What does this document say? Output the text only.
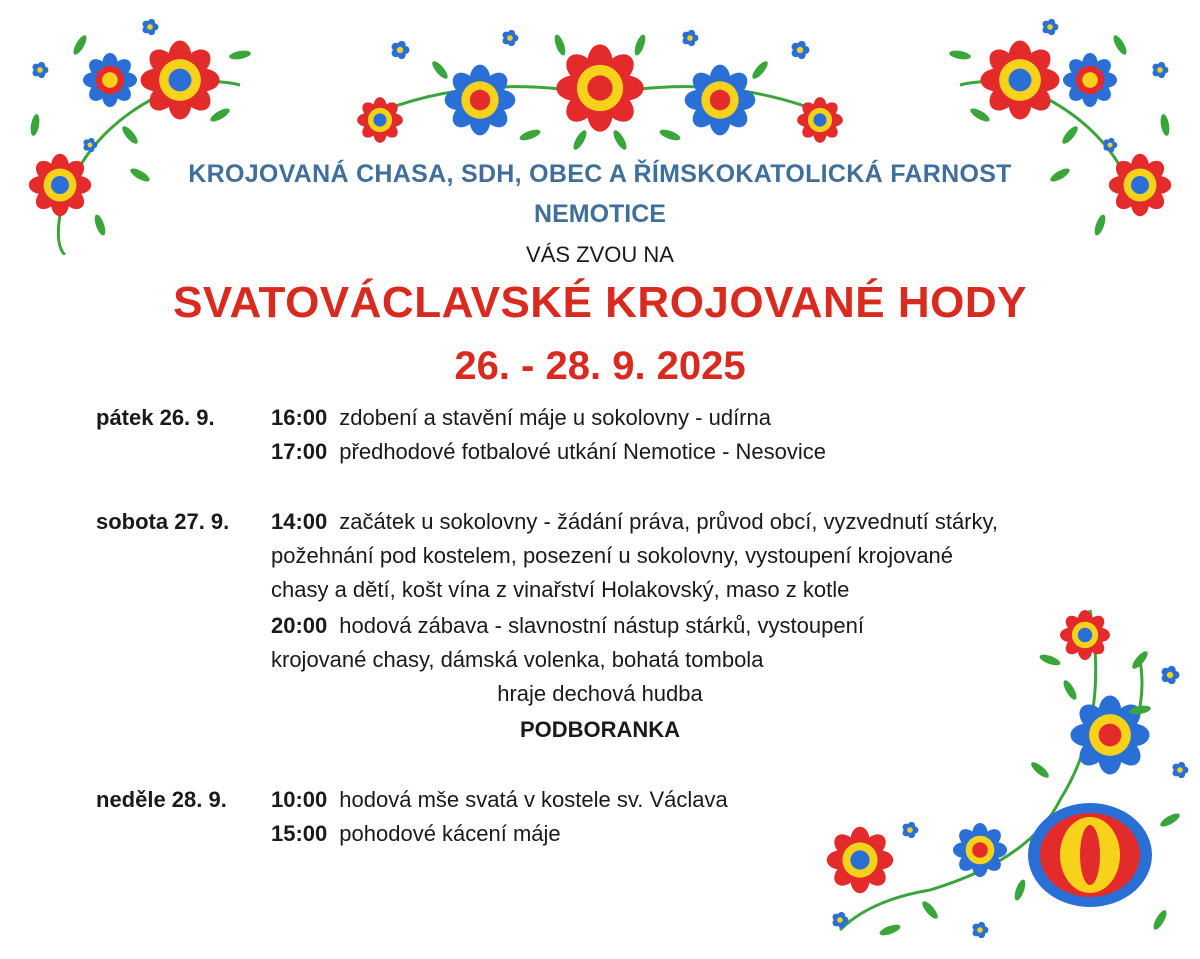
KROJOVANÁ CHASA, SDH, OBEC A ŘÍMSKOKATOLICKÁ FARNOST
NEMOTICE
VÁS ZVOU NA
SVATOVÁCLAVSKÉ KROJOVANÉ HODY
26. - 28. 9. 2025
pátek 26. 9.	16:00 zdobení a stavění máje u sokolovny - udírna
17:00 předhodové fotbalové utkání Nemotice - Nesovice
sobota 27. 9. 14:00 začátek u sokolovny - žádání práva, průvod obcí, vyzvednutí stárky,
požehnání pod kostelem, posezení u sokolovny, vystoupení krojované
chasy a dětí, košt vína z vinařství Holakovský, maso z kotle
20:00 hodová zábava - slavnostní nástup stárků, vystoupení
krojované chasy, dámská volenka, bohatá tombola
hraje dechová hudba
PODBORANKA
neděle 28. 9. 10:00 hodová mše svatá v kostele sv. Václava
15:00 pohodové kácení máje
